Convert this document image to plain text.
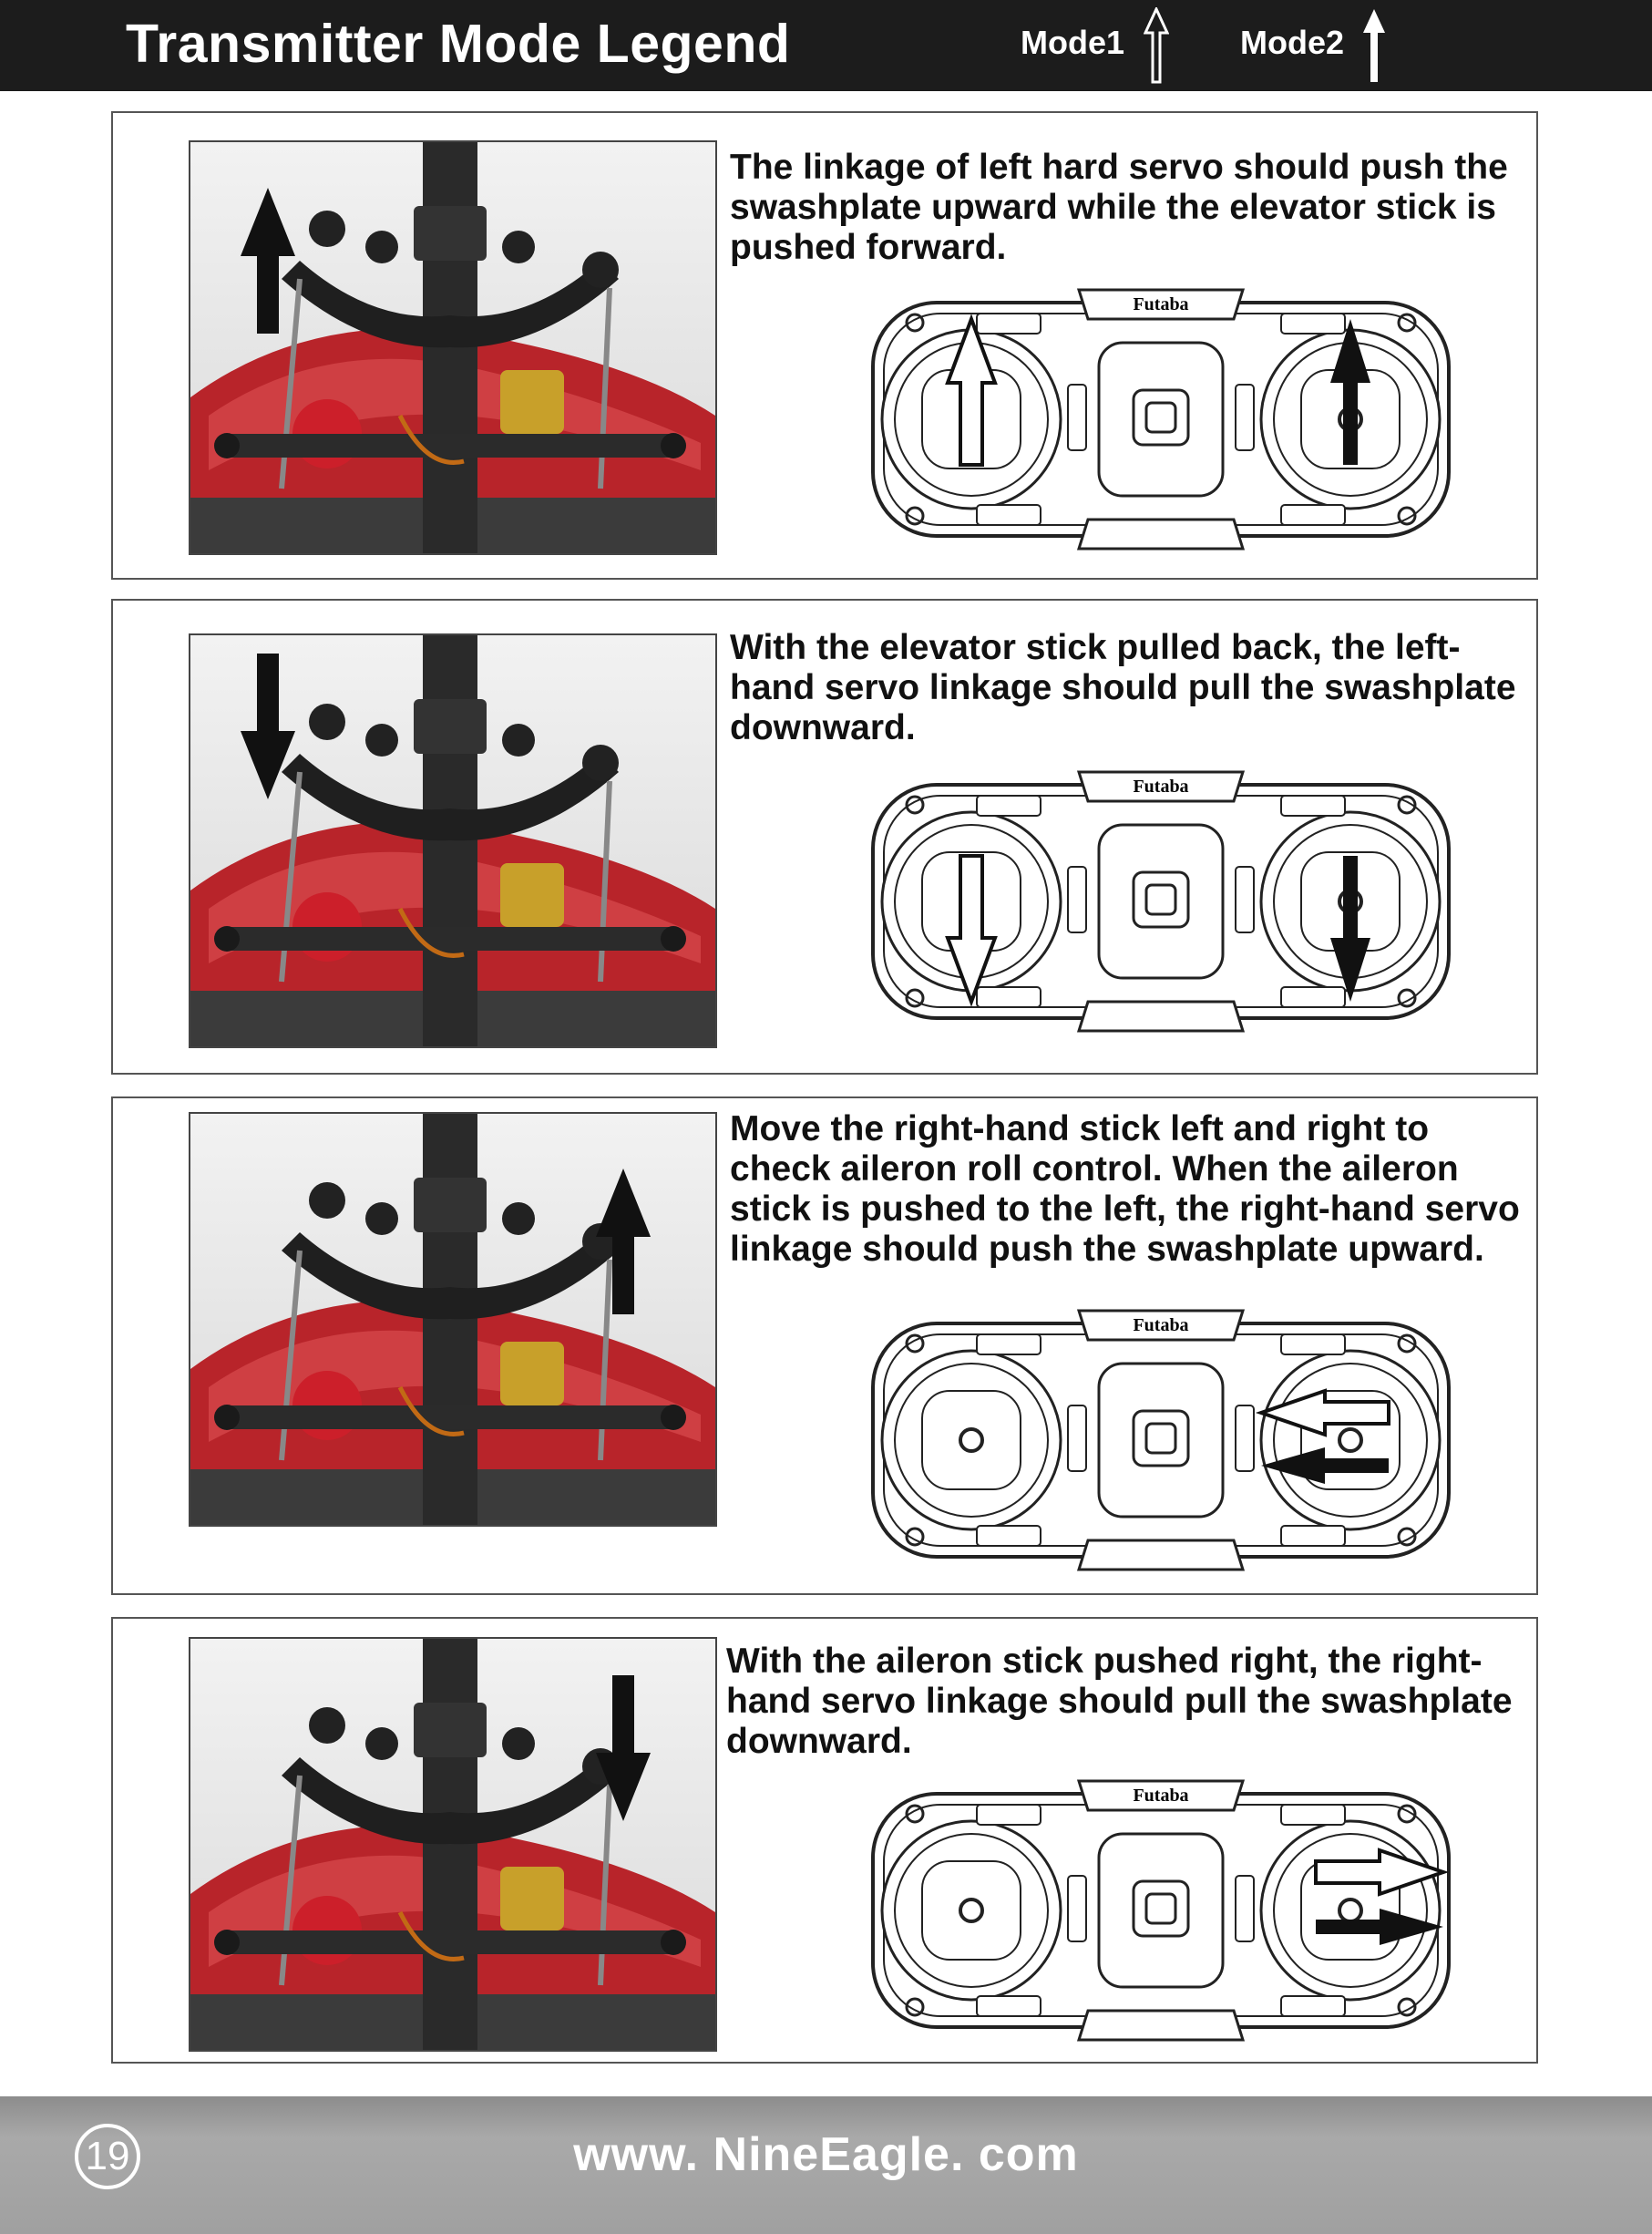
Transmitter Mode Legend	Mode1	Mode2
The linkage of left hard servo should push the swashplate upward while the elevator stick is pushed forward.
Futaba
With the elevator stick pulled back, the left-hand servo linkage should pull the swashplate downward.
Futaba
Move the right-hand stick left and right to check aileron roll control. When the aileron stick is pushed to the left, the right-hand servo linkage should push the swashplate upward.
Futaba
With the aileron stick pushed right, the right-hand servo linkage should pull the swashplate downward.
Futaba
19	www. NineEagle. com
